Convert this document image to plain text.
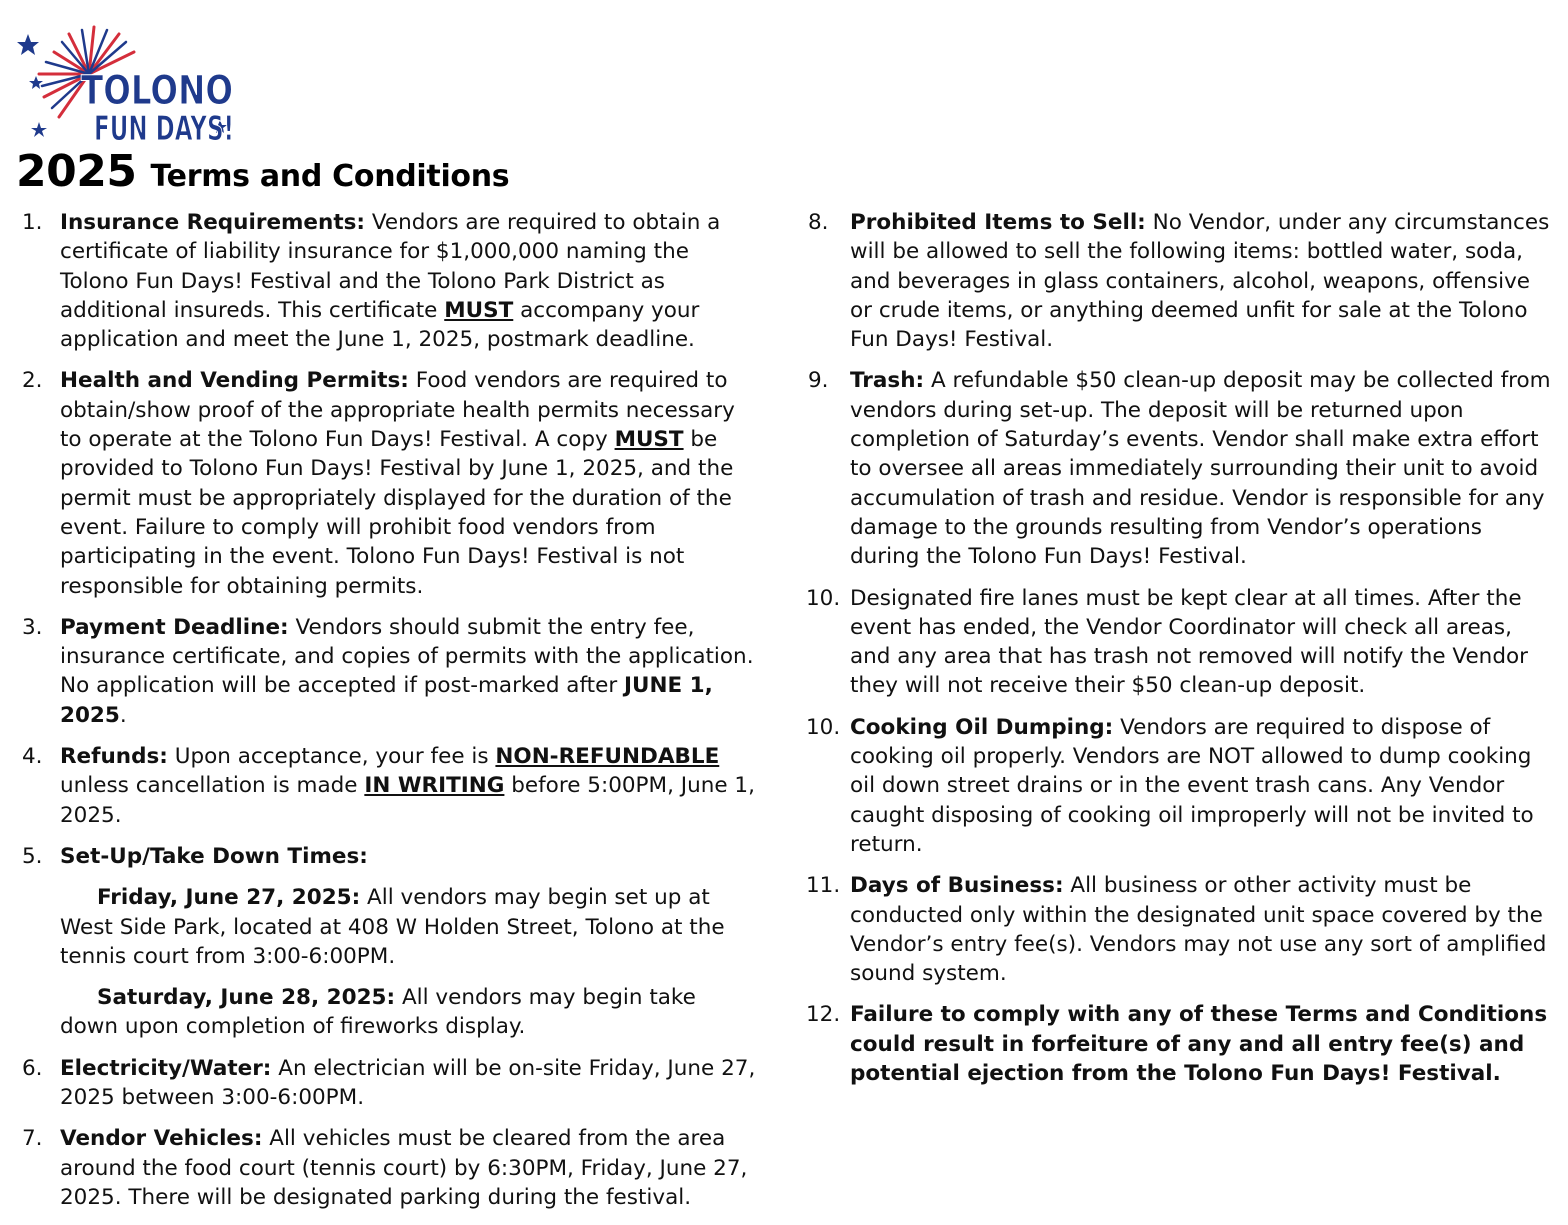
TOLONO
FUN DAYS!
2025 Terms and Conditions
1. Insurance Requirements: Vendors are required to obtain a certificate of liability insurance for $1,000,000 naming the Tolono Fun Days! Festival and the Tolono Park District as additional insureds. This certificate MUST accompany your application and meet the June 1, 2025, postmark deadline.
2. Health and Vending Permits: Food vendors are required to obtain/show proof of the appropriate health permits necessary to operate at the Tolono Fun Days! Festival. A copy MUST be provided to Tolono Fun Days! Festival by June 1, 2025, and the permit must be appropriately displayed for the duration of the event. Failure to comply will prohibit food vendors from participating in the event. Tolono Fun Days! Festival is not responsible for obtaining permits.
3. Payment Deadline: Vendors should submit the entry fee, insurance certificate, and copies of permits with the application. No application will be accepted if post-marked after JUNE 1, 2025.
4. Refunds: Upon acceptance, your fee is NON-REFUNDABLE unless cancellation is made IN WRITING before 5:00PM, June 1, 2025.
5. Set-Up/Take Down Times:
Friday, June 27, 2025: All vendors may begin set up at West Side Park, located at 408 W Holden Street, Tolono at the tennis court from 3:00-6:00PM.
Saturday, June 28, 2025: All vendors may begin take down upon completion of fireworks display.
6. Electricity/Water: An electrician will be on-site Friday, June 27, 2025 between 3:00-6:00PM.
7. Vendor Vehicles: All vehicles must be cleared from the area around the food court (tennis court) by 6:30PM, Friday, June 27, 2025. There will be designated parking during the festival.
8. Prohibited Items to Sell: No Vendor, under any circumstances will be allowed to sell the following items: bottled water, soda, and beverages in glass containers, alcohol, weapons, offensive or crude items, or anything deemed unfit for sale at the Tolono Fun Days! Festival.
9. Trash: A refundable $50 clean-up deposit may be collected from vendors during set-up. The deposit will be returned upon completion of Saturday’s events. Vendor shall make extra effort to oversee all areas immediately surrounding their unit to avoid accumulation of trash and residue. Vendor is responsible for any damage to the grounds resulting from Vendor’s operations during the Tolono Fun Days! Festival.
10. Designated fire lanes must be kept clear at all times. After the event has ended, the Vendor Coordinator will check all areas, and any area that has trash not removed will notify the Vendor they will not receive their $50 clean-up deposit.
10. Cooking Oil Dumping: Vendors are required to dispose of cooking oil properly. Vendors are NOT allowed to dump cooking oil down street drains or in the event trash cans. Any Vendor caught disposing of cooking oil improperly will not be invited to return.
11. Days of Business: All business or other activity must be conducted only within the designated unit space covered by the Vendor’s entry fee(s). Vendors may not use any sort of amplified sound system.
12. Failure to comply with any of these Terms and Conditions could result in forfeiture of any and all entry fee(s) and potential ejection from the Tolono Fun Days! Festival.
